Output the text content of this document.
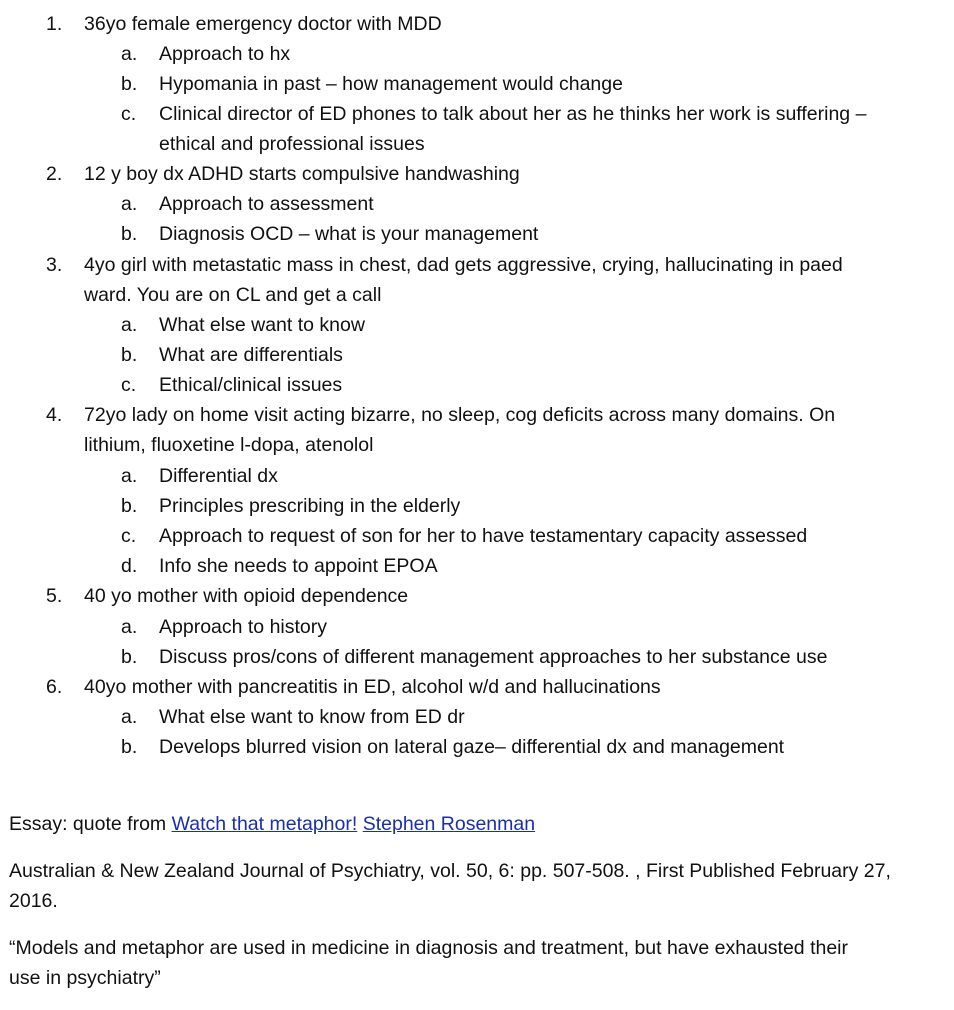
1.	36yo female emergency doctor with MDD
a.	Approach to hx
b.	Hypomania in past – how management would change
c.	Clinical director of ED phones to talk about her as he thinks her work is suffering –
ethical and professional issues
2.	12 y boy dx ADHD starts compulsive handwashing
a.	Approach to assessment
b.	Diagnosis OCD – what is your management
3.	4yo girl with metastatic mass in chest, dad gets aggressive, crying, hallucinating in paed
ward. You are on CL and get a call
a.	What else want to know
b.	What are differentials
c.	Ethical/clinical issues
4.	72yo lady on home visit acting bizarre, no sleep, cog deficits across many domains. On
lithium, fluoxetine l-dopa, atenolol
a.	Differential dx
b.	Principles prescribing in the elderly
c.	Approach to request of son for her to have testamentary capacity assessed
d.	Info she needs to appoint EPOA
5.	40 yo mother with opioid dependence
a.	Approach to history
b.	Discuss pros/cons of different management approaches to her substance use
6.	40yo mother with pancreatitis in ED, alcohol w/d and hallucinations
a.	What else want to know from ED dr
b.	Develops blurred vision on lateral gaze– differential dx and management
Essay: quote from Watch that metaphor! Stephen Rosenman
Australian & New Zealand Journal of Psychiatry, vol. 50, 6: pp. 507-508. , First Published February 27,
2016.
“Models and metaphor are used in medicine in diagnosis and treatment, but have exhausted their
use in psychiatry”
